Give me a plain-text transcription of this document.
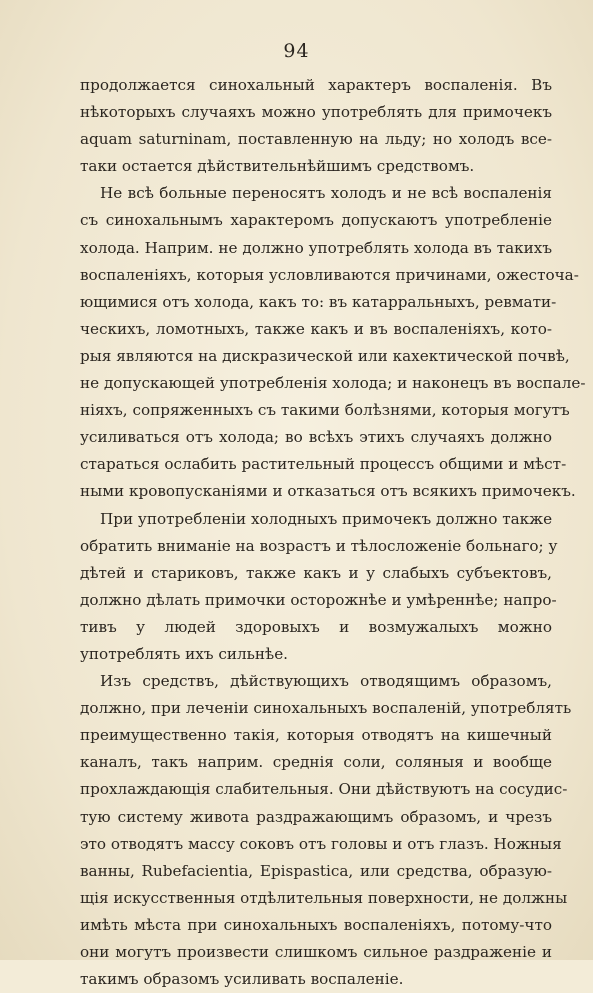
94

продолжается синохальный характеръ воспаленія. Въ
нѣкоторыхъ случаяхъ можно употреблять для примочекъ
aquam saturninam, поставленную на льду; но холодъ все-
таки остается дѣйствительнѣйшимъ средствомъ.

Не всѣ больные переносятъ холодъ и не всѣ воспаленія
съ синохальнымъ характеромъ допускаютъ употребленіе
холода. Наприм. не должно употреблять холода въ такихъ
воспаленіяхъ, которыя условливаются причинами, ожесточа-
ющимися отъ холода, какъ то: въ катарральныхъ, ревмати-
ческихъ, ломотныхъ, также какъ и въ воспаленіяхъ, кото-
рыя являются на дискразической или кахектической почвѣ,
не допускающей употребленія холода; и наконецъ въ воспале-
ніяхъ, сопряженныхъ съ такими болѣзнями, которыя могутъ
усиливаться отъ холода; во всѣхъ этихъ случаяхъ должно
стараться ослабить растительный процессъ общими и мѣст-
ными кровопусканіями и отказаться отъ всякихъ примочекъ.

При употребленіи холодныхъ примочекъ должно также
обратить вниманіе на возрастъ и тѣлосложеніе больнаго; у
дѣтей и стариковъ, также какъ и у слабыхъ субъектовъ,
должно дѣлать примочки осторожнѣе и умѣреннѣе; напро-
тивъ у людей здоровыхъ и возмужалыхъ можно
употреблять ихъ сильнѣе.

Изъ средствъ, дѣйствующихъ отводящимъ образомъ,
должно, при леченіи синохальныхъ воспаленій, употреблять
преимущественно такія, которыя отводятъ на кишечный
каналъ, такъ наприм. среднія соли, соляныя и вообще
прохлаждающія слабительныя. Они дѣйствуютъ на сосудис-
тую систему живота раздражающимъ образомъ, и чрезъ
это отводятъ массу соковъ отъ головы и отъ глазъ. Ножныя
ванны, Rubefacientia, Epispastica, или средства, образую-
щія искусственныя отдѣлительныя поверхности, не должны
имѣть мѣста при синохальныхъ воспаленіяхъ, потому-что
они могутъ произвести слишкомъ сильное раздраженіе и
такимъ образомъ усиливать воспаленіе.
